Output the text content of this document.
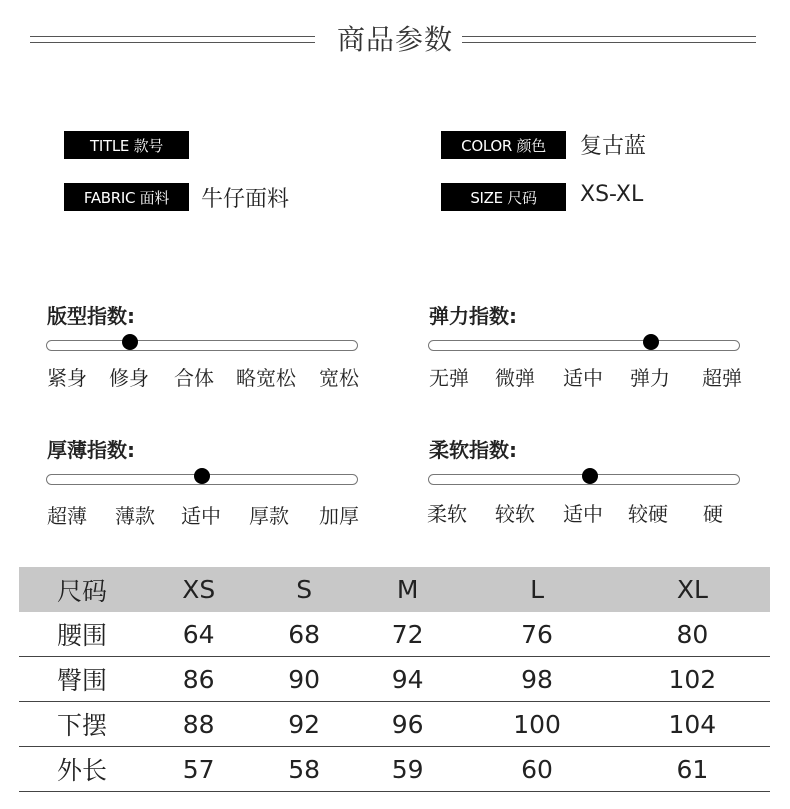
商品参数
TITLE 款号
FABRIC 面料	牛仔面料
COLOR 颜色	复古蓝
SIZE 尺码	XS-XL
版型指数:
紧身 修身 合体 略宽松 宽松
弹力指数:
无弹 微弹 适中 弹力 超弹
厚薄指数:
超薄 薄款 适中 厚款 加厚
柔软指数:
柔软 较软 适中 较硬 硬
尺码	XS	S	M	L	XL
腰围	64	68	72	76	80
臀围	86	90	94	98	102
下摆	88	92	96	100	104
外长	57	58	59	60	61
